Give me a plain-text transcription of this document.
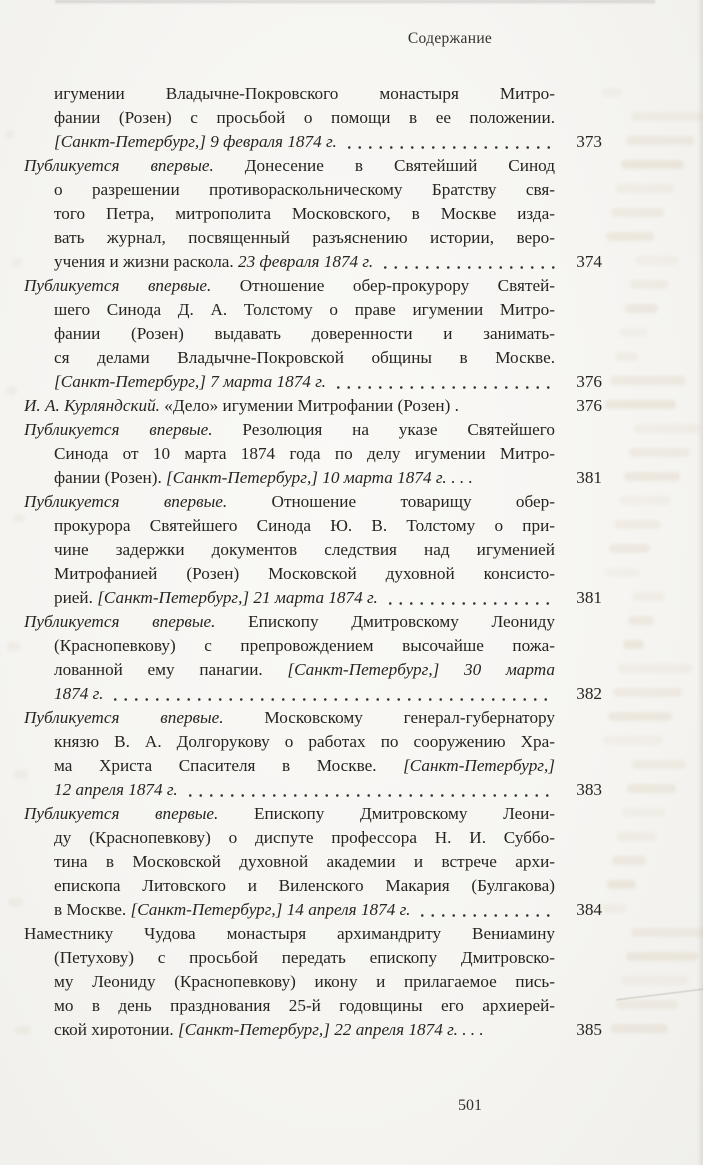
Содержание
игумении Владычне-Покровского монастыря Митро-
фании (Розен) с просьбой о помощи в ее положении.
[Санкт-Петербург,] 9 февраля 1874 г.	373
Публикуется впервые. Донесение в Святейший Синод
о разрешении противораскольническому Братству свя-
того Петра, митрополита Московского, в Москве изда-
вать журнал, посвященный разъяснению истории, веро-
учения и жизни раскола. 23 февраля 1874 г.	374
Публикуется впервые. Отношение обер-прокурору Святей-
шего Синода Д. А. Толстому о праве игумении Митро-
фании (Розен) выдавать доверенности и занимать-
ся делами Владычне-Покровской общины в Москве.
[Санкт-Петербург,] 7 марта 1874 г.	376
И. А. Курляндский. «Дело» игумении Митрофании (Розен) .	376
Публикуется впервые. Резолюция на указе Святейшего
Синода от 10 марта 1874 года по делу игумении Митро-
фании (Розен). [Санкт-Петербург,] 10 марта 1874 г. . . .	381
Публикуется впервые. Отношение товарищу обер-
прокурора Святейшего Синода Ю. В. Толстому о при-
чине задержки документов следствия над игуменией
Митрофанией (Розен) Московской духовной консисто-
рией. [Санкт-Петербург,] 21 марта 1874 г.	381
Публикуется впервые. Епископу Дмитровскому Леониду
(Краснопевкову) с препровождением высочайше пожа-
лованной ему панагии. [Санкт-Петербург,] 30 марта
1874 г.	382
Публикуется впервые. Московскому генерал-губернатору
князю В. А. Долгорукову о работах по сооружению Хра-
ма Христа Спасителя в Москве. [Санкт-Петербург,]
12 апреля 1874 г.	383
Публикуется впервые. Епископу Дмитровскому Леони-
ду (Краснопевкову) о диспуте профессора Н. И. Суббо-
тина в Московской духовной академии и встрече архи-
епископа Литовского и Виленского Макария (Булгакова)
в Москве. [Санкт-Петербург,] 14 апреля 1874 г.	384
Наместнику Чудова монастыря архимандриту Вениамину
(Петухову) с просьбой передать епископу Дмитровско-
му Леониду (Краснопевкову) икону и прилагаемое пись-
мо в день празднования 25-й годовщины его архиерей-
ской хиротонии. [Санкт-Петербург,] 22 апреля 1874 г. . . .	385
501
